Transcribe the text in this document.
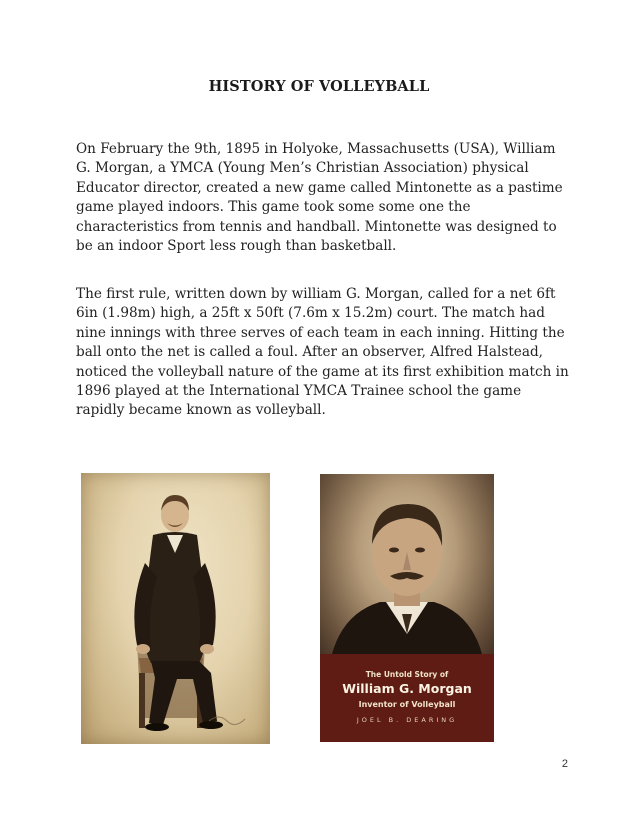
HISTORY OF VOLLEYBALL

On February the 9th, 1895 in Holyoke, Massachusetts (USA), William G. Morgan, a YMCA (Young Men’s Christian Association) physical Educator director, created a new game called Mintonette as a pastime game played indoors. This game took some some one the characteristics from tennis and handball. Mintonette was designed to be an indoor Sport less rough than basketball.

The first rule, written down by william G. Morgan, called for a net 6ft 6in (1.98m) high, a 25ft x 50ft (7.6m x 15.2m) court. The match had nine innings with three serves of each team in each inning. Hitting the ball onto the net is called a foul. After an observer, Alfred Halstead, noticed the volleyball nature of the game at its first exhibition match in 1896 played at the International YMCA Trainee school the game rapidly became known as volleyball.

The Untold Story of
William G. Morgan
Inventor of Volleyball
JOEL B. DEARING
2
